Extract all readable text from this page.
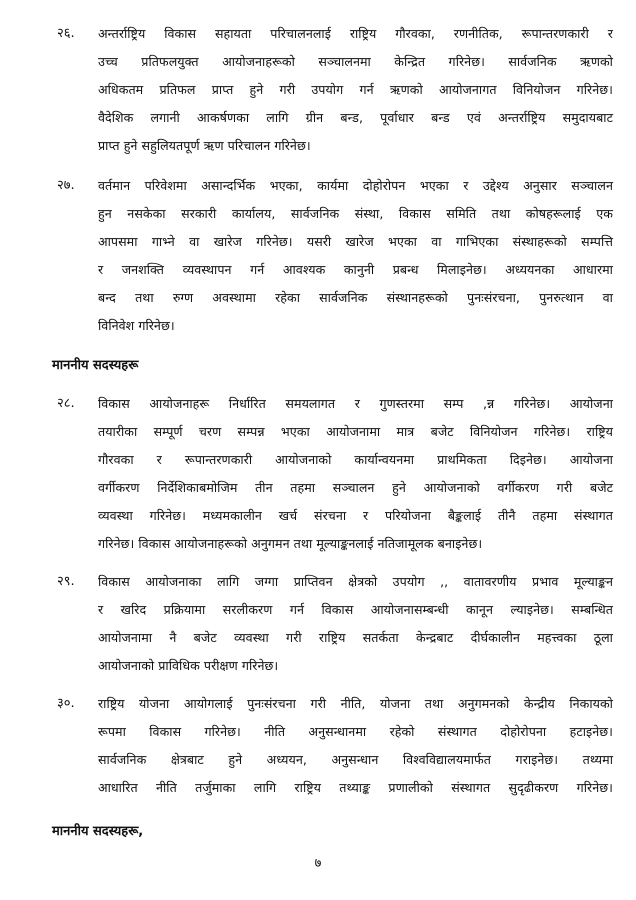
२६. अन्तर्राष्ट्रिय विकास सहायता परिचालनलाई राष्ट्रिय गौरवका, रणनीतिक, रूपान्तरणकारी र
उच्च प्रतिफलयुक्त आयोजनाहरूको सञ्चालनमा केन्द्रित गरिनेछ। सार्वजनिक ऋणको
अधिकतम प्रतिफल प्राप्त हुने गरी उपयोग गर्न ऋणको आयोजनागत विनियोजन गरिनेछ।
वैदेशिक लगानी आकर्षणका लागि ग्रीन बन्ड, पूर्वाधार बन्ड एवं अन्तर्राष्ट्रिय समुदायबाट
प्राप्त हुने सहुलियतपूर्ण ऋण परिचालन गरिनेछ।
२७. वर्तमान परिवेशमा असान्दर्भिक भएका, कार्यमा दोहोरोपन भएका र उद्देश्य अनुसार सञ्चालन
हुन नसकेका सरकारी कार्यालय, सार्वजनिक संस्था, विकास समिति तथा कोषहरूलाई एक
आपसमा गाभ्ने वा खारेज गरिनेछ। यसरी खारेज भएका वा गाभिएका संस्थाहरूको सम्पत्ति
र जनशक्ति व्यवस्थापन गर्न आवश्यक कानुनी प्रबन्ध मिलाइनेछ। अध्ययनका आधारमा
बन्द तथा रुग्ण अवस्थामा रहेका सार्वजनिक संस्थानहरूको पुनःसंरचना, पुनरुत्थान वा
विनिवेश गरिनेछ।
माननीय सदस्यहरू
२८. विकास आयोजनाहरू निर्धारित समयलागत र गुणस्तरमा सम्प ,न्न गरिनेछ। आयोजना
तयारीका सम्पूर्ण चरण सम्पन्न भएका आयोजनामा मात्र बजेट विनियोजन गरिनेछ। राष्ट्रिय
गौरवका र रूपान्तरणकारी आयोजनाको कार्यान्वयनमा प्राथमिकता दिइनेछ। आयोजना
वर्गीकरण निर्देशिकाबमोजिम तीन तहमा सञ्चालन हुने आयोजनाको वर्गीकरण गरी बजेट
व्यवस्था गरिनेछ। मध्यमकालीन खर्च संरचना र परियोजना बैङ्कलाई तीनै तहमा संस्थागत
गरिनेछ। विकास आयोजनाहरूको अनुगमन तथा मूल्याङ्कनलाई नतिजामूलक बनाइनेछ।
२९. विकास आयोजनाका लागि जग्गा प्राप्तिवन क्षेत्रको उपयोग ,, वातावरणीय प्रभाव मूल्याङ्कन
र खरिद प्रक्रियामा सरलीकरण गर्न विकास आयोजनासम्बन्धी कानून ल्याइनेछ। सम्बन्धित
आयोजनामा नै बजेट व्यवस्था गरी राष्ट्रिय सतर्कता केन्द्रबाट दीर्घकालीन महत्त्वका ठूला
आयोजनाको प्राविधिक परीक्षण गरिनेछ।
३०. राष्ट्रिय योजना आयोगलाई पुनःसंरचना गरी नीति, योजना तथा अनुगमनको केन्द्रीय निकायको
रूपमा विकास गरिनेछ। नीति अनुसन्धानमा रहेको संस्थागत दोहोरोपना हटाइनेछ।
सार्वजनिक क्षेत्रबाट हुने अध्ययन, अनुसन्धान विश्वविद्यालयमार्फत गराइनेछ। तथ्यमा
आधारित नीति तर्जुमाका लागि राष्ट्रिय तथ्याङ्क प्रणालीको संस्थागत सुदृढीकरण गरिनेछ।
माननीय सदस्यहरू,
७
